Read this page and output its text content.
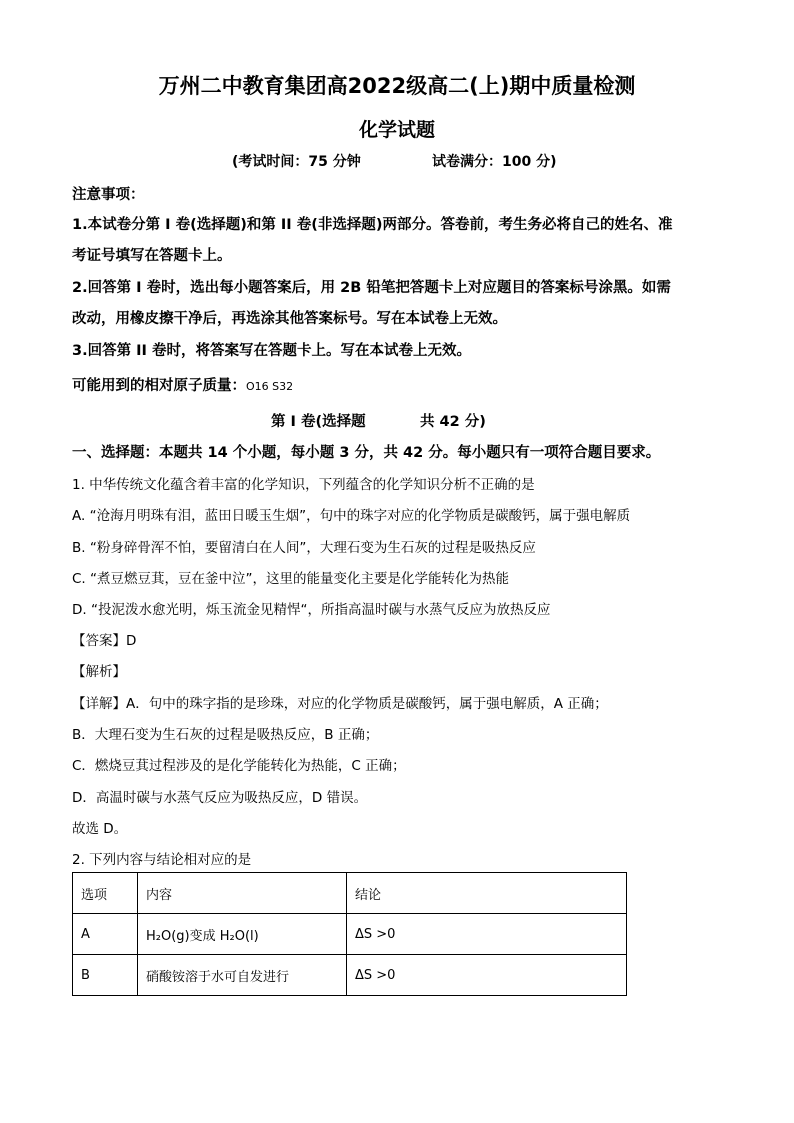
万州二中教育集团高2022级高二(上)期中质量检测
化学试题
(考试时间：75 分钟	试卷满分：100 分)
注意事项：
1.本试卷分第 I 卷(选择题)和第 II 卷(非选择题)两部分。答卷前，考生务必将自己的姓名、准
考证号填写在答题卡上。
2.回答第 I 卷时，选出每小题答案后，用 2B 铅笔把答题卡上对应题目的答案标号涂黑。如需
改动，用橡皮擦干净后，再选涂其他答案标号。写在本试卷上无效。
3.回答第 II 卷时，将答案写在答题卡上。写在本试卷上无效。
可能用到的相对原子质量：O16 S32
第 I 卷(选择题	共 42 分)
一、选择题：本题共 14 个小题，每小题 3 分，共 42 分。每小题只有一项符合题目要求。
1. 中华传统文化蕴含着丰富的化学知识，下列蕴含的化学知识分析不正确的是
A. “沧海月明珠有泪，蓝田日暖玉生烟”，句中的珠字对应的化学物质是碳酸钙，属于强电解质
B. “粉身碎骨浑不怕，要留清白在人间”，大理石变为生石灰的过程是吸热反应
C. “煮豆燃豆萁，豆在釜中泣”，这里的能量变化主要是化学能转化为热能
D. “投泥泼水愈光明，烁玉流金见精悍“，所指高温时碳与水蒸气反应为放热反应
【答案】D
【解析】
【详解】A．句中的珠字指的是珍珠，对应的化学物质是碳酸钙，属于强电解质，A 正确；
B．大理石变为生石灰的过程是吸热反应，B 正确；
C．燃烧豆萁过程涉及的是化学能转化为热能，C 正确；
D．高温时碳与水蒸气反应为吸热反应，D 错误。
故选 D。
2. 下列内容与结论相对应的是
选项	内容	结论
A	H₂O(g)变成 H₂O(l)	ΔS >0
B	硝酸铵溶于水可自发进行	ΔS >0
